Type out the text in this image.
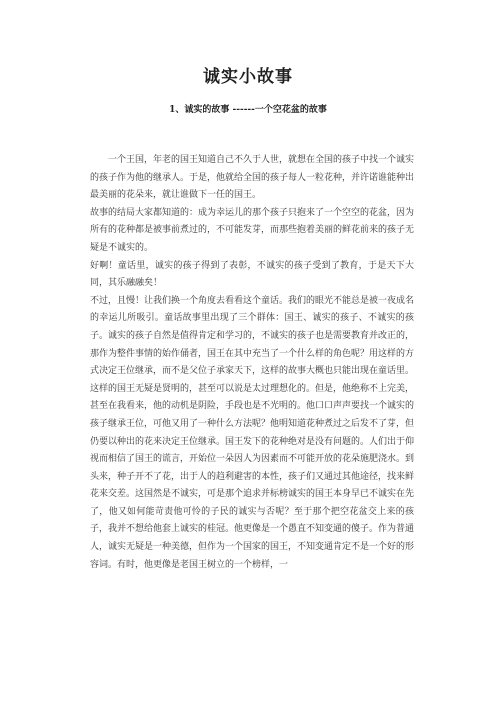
诚实小故事
1、诚实的故事 ------一个空花盆的故事

一个王国，年老的国王知道自己不久于人世，就想在全国的孩子中找一个诚实的孩子作为他的继承人。于是，他就给全国的孩子每人一粒花种，并许诺谁能种出最美丽的花朵来，就让谁做下一任的国王。

故事的结局大家都知道的：成为幸运儿的那个孩子只抱来了一个空空的花盆，因为所有的花种都是被事前煮过的，不可能发芽，而那些抱着美丽的鲜花前来的孩子无疑是不诚实的。

好啊！童话里，诚实的孩子得到了表彰，不诚实的孩子受到了教育，于是天下大同，其乐融融矣！

不过，且慢！让我们换一个角度去看看这个童话。我们的眼光不能总是被一夜成名的幸运儿所吸引。童话故事里出现了三个群体：国王、诚实的孩子、不诚实的孩子。诚实的孩子自然是值得肯定和学习的，不诚实的孩子也是需要教育并改正的，那作为整件事情的始作俑者，国王在其中充当了一个什么样的角色呢？用这样的方式决定王位继承，而不是父位子承家天下，这样的故事大概也只能出现在童话里。这样的国王无疑是贤明的，甚至可以说是太过理想化的。但是，他绝称不上完美，甚至在我看来，他的动机是阴险，手段也是不光明的。他口口声声要找一个诚实的孩子继承王位，可他又用了一种什么方法呢？他明知道花种煮过之后发不了芽，但仍要以种出的花来决定王位继承。国王发下的花种绝对是没有问题的。人们出于仰视而相信了国王的谎言，开始位一朵因人为因素而不可能开放的花朵施肥浇水。到头来，种子开不了花，出于人的趋利避害的本性，孩子们又通过其他途径，找来鲜花来交差。这国然是不诚实，可是那个追求并标榜诚实的国王本身早已不诚实在先了，他又如何能苛责他可怜的子民的诚实与否呢？至于那个把空花盆交上来的孩子，我并不想给他套上诚实的桂冠。他更像是一个愚直不知变通的傻子。作为普通人，诚实无疑是一种美德，但作为一个国家的国王，不知变通肯定不是一个好的形容词。有时，他更像是老国王树立的一个榜样，一
